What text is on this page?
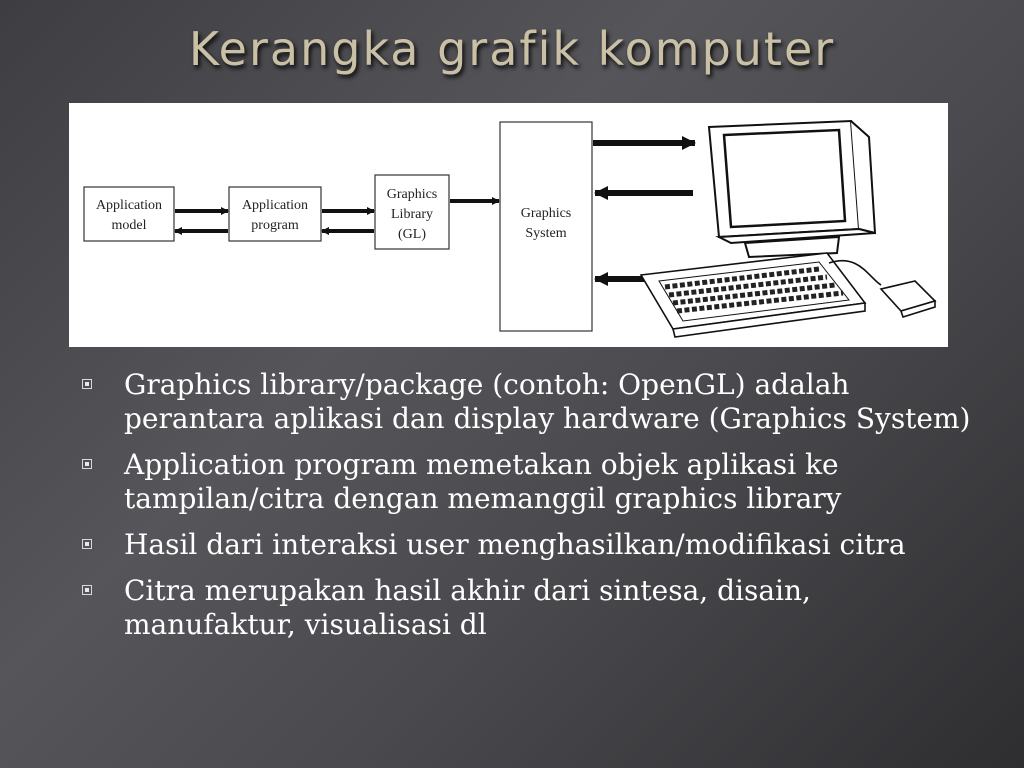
Kerangka grafik komputer
Application
model
Application
program
Graphics
Library
(GL)
Graphics
System
Graphics library/package (contoh: OpenGL) adalah perantara aplikasi dan display hardware (Graphics System)
Application program memetakan objek aplikasi ke tampilan/citra dengan memanggil graphics library
Hasil dari interaksi user menghasilkan/modifikasi citra
Citra merupakan hasil akhir dari sintesa, disain, manufaktur, visualisasi dl
